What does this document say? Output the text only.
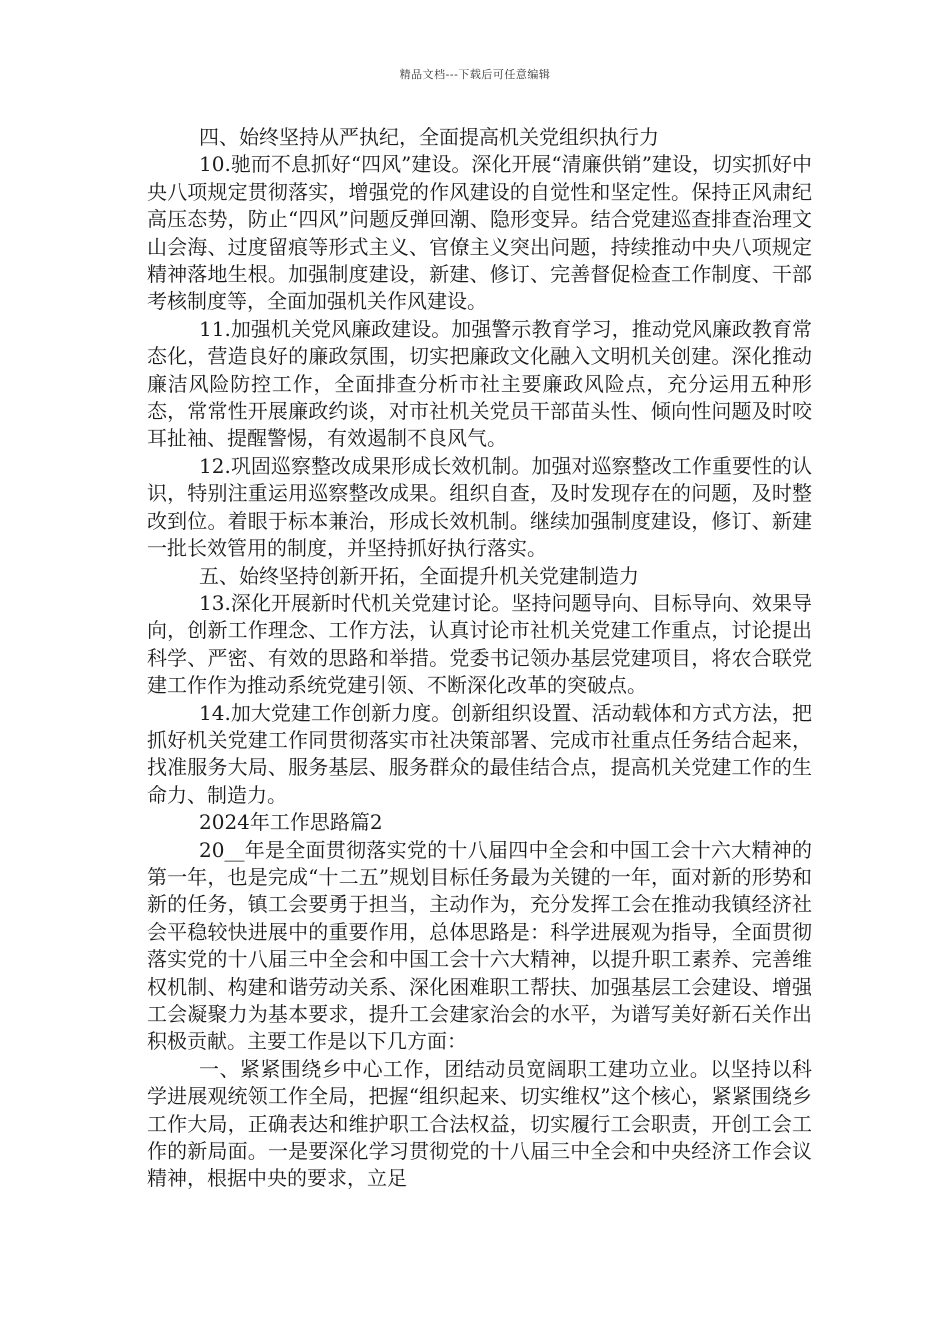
精品文档---下载后可任意编辑

四、始终坚持从严执纪，全面提高机关党组织执行力

10.驰而不息抓好“四风”建设。深化开展“清廉供销”建设，切实抓好中央八项规定贯彻落实，增强党的作风建设的自觉性和坚定性。保持正风肃纪高压态势，防止“四风”问题反弹回潮、隐形变异。结合党建巡查排查治理文山会海、过度留痕等形式主义、官僚主义突出问题，持续推动中央八项规定精神落地生根。加强制度建设，新建、修订、完善督促检查工作制度、干部考核制度等，全面加强机关作风建设。

11.加强机关党风廉政建设。加强警示教育学习，推动党风廉政教育常态化，营造良好的廉政氛围，切实把廉政文化融入文明机关创建。深化推动廉洁风险防控工作，全面排查分析市社主要廉政风险点，充分运用五种形态，常常性开展廉政约谈，对市社机关党员干部苗头性、倾向性问题及时咬耳扯袖、提醒警惕，有效遏制不良风气。

12.巩固巡察整改成果形成长效机制。加强对巡察整改工作重要性的认识，特别注重运用巡察整改成果。组织自查，及时发现存在的问题，及时整改到位。着眼于标本兼治，形成长效机制。继续加强制度建设，修订、新建一批长效管用的制度，并坚持抓好执行落实。

五、始终坚持创新开拓，全面提升机关党建制造力

13.深化开展新时代机关党建讨论。坚持问题导向、目标导向、效果导向，创新工作理念、工作方法，认真讨论市社机关党建工作重点，讨论提出科学、严密、有效的思路和举措。党委书记领办基层党建项目，将农合联党建工作作为推动系统党建引领、不断深化改革的突破点。

14.加大党建工作创新力度。创新组织设置、活动载体和方式方法，把抓好机关党建工作同贯彻落实市社决策部署、完成市社重点任务结合起来，找准服务大局、服务基层、服务群众的最佳结合点，提高机关党建工作的生命力、制造力。

2024年工作思路篇2

20__年是全面贯彻落实党的十八届四中全会和中国工会十六大精神的第一年，也是完成“十二五”规划目标任务最为关键的一年，面对新的形势和新的任务，镇工会要勇于担当，主动作为，充分发挥工会在推动我镇经济社会平稳较快进展中的重要作用，总体思路是：科学进展观为指导，全面贯彻落实党的十八届三中全会和中国工会十六大精神，以提升职工素养、完善维权机制、构建和谐劳动关系、深化困难职工帮扶、加强基层工会建设、增强工会凝聚力为基本要求，提升工会建家治会的水平，为谱写美好新石关作出积极贡献。主要工作是以下几方面：

一、紧紧围绕乡中心工作，团结动员宽阔职工建功立业。以坚持以科学进展观统领工作全局，把握“组织起来、切实维权”这个核心，紧紧围绕乡工作大局，正确表达和维护职工合法权益，切实履行工会职责，开创工会工作的新局面。一是要深化学习贯彻党的十八届三中全会和中央经济工作会议精神，根据中央的要求，立足
